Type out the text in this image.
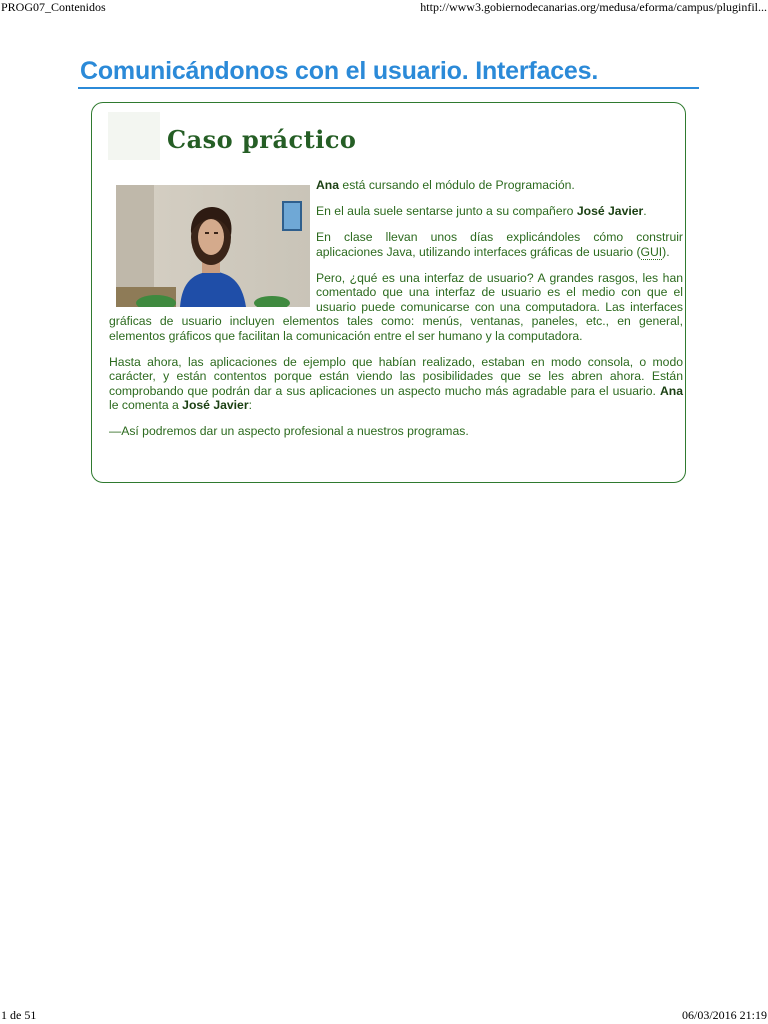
PROG07_Contenidos	http://www3.gobiernodecanarias.org/medusa/eforma/campus/pluginfil...
Comunicándonos con el usuario. Interfaces.
Caso práctico

Ana está cursando el módulo de Programación.

En el aula suele sentarse junto a su compañero José Javier.

En clase llevan unos días explicándoles cómo construir aplicaciones Java, utilizando interfaces gráficas de usuario (GUI).

Pero, ¿qué es una interfaz de usuario? A grandes rasgos, les han comentado que una interfaz de usuario es el medio con que el usuario puede comunicarse con una computadora. Las interfaces gráficas de usuario incluyen elementos tales como: menús, ventanas, paneles, etc., en general, elementos gráficos que facilitan la comunicación entre el ser humano y la computadora.

Hasta ahora, las aplicaciones de ejemplo que habían realizado, estaban en modo consola, o modo carácter, y están contentos porque están viendo las posibilidades que se les abren ahora. Están comprobando que podrán dar a sus aplicaciones un aspecto mucho más agradable para el usuario. Ana le comenta a José Javier:

—Así podremos dar un aspecto profesional a nuestros programas.

1 de 51	06/03/2016 21:19
